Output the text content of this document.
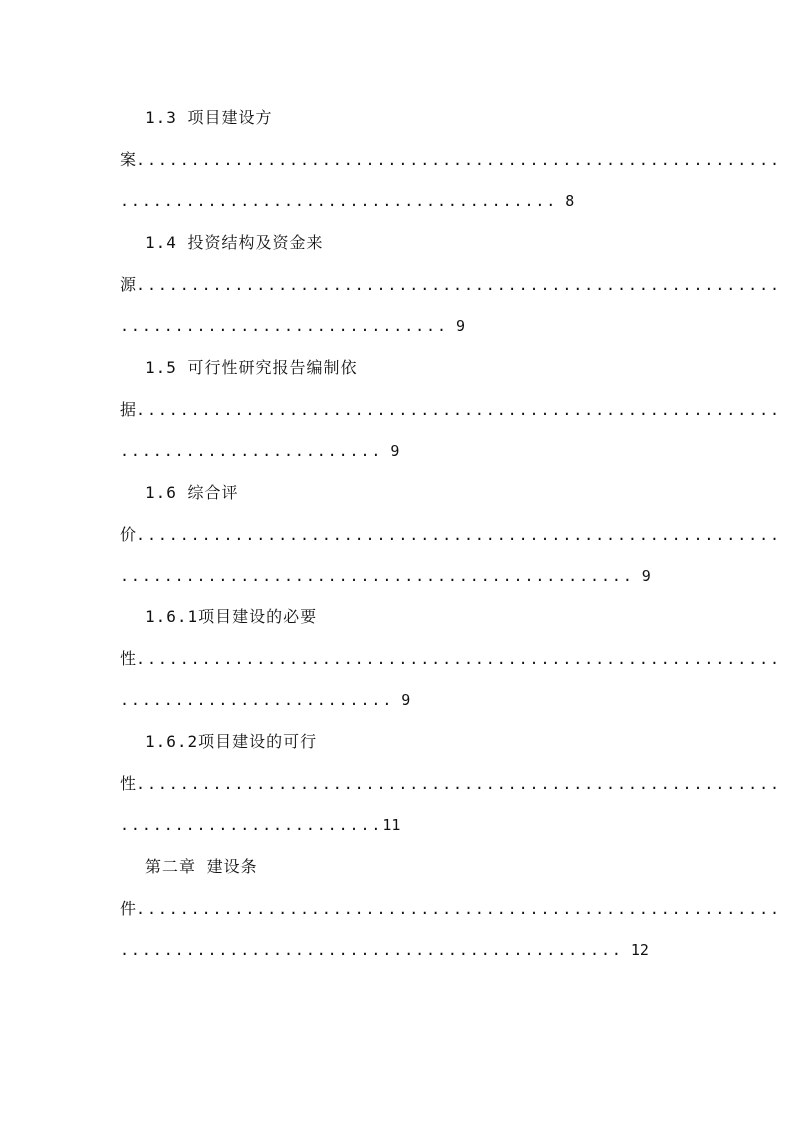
1.3 项目建设方
案...........................................................
........................................ 8
1.4 投资结构及资金来
源...........................................................
.............................. 9
1.5 可行性研究报告编制依
据...........................................................
........................ 9
1.6 综合评
价...........................................................
............................................... 9
1.6.1项目建设的必要
性...........................................................
......................... 9
1.6.2项目建设的可行
性...........................................................
........................11
第二章 建设条
件...........................................................
.............................................. 12
